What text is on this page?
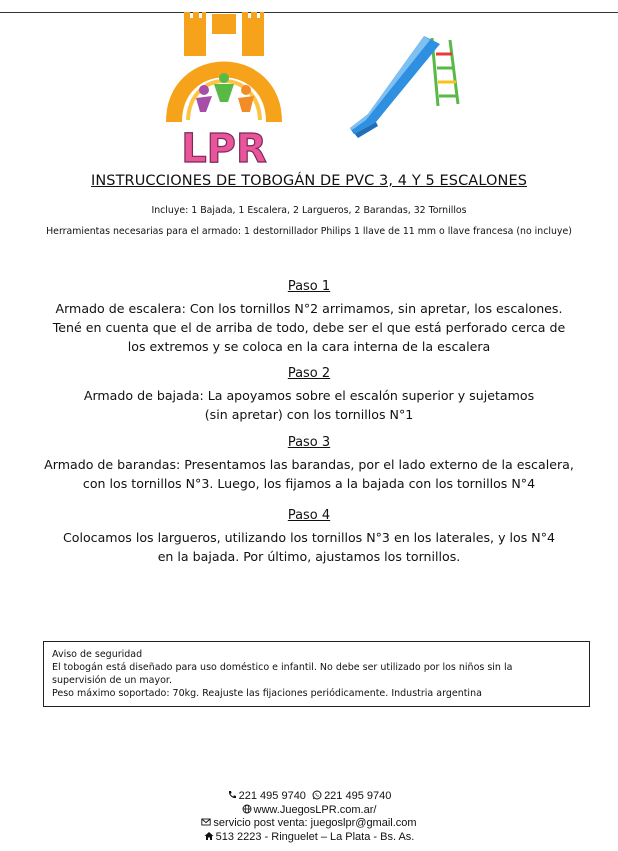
LPR
INSTRUCCIONES DE TOBOGÁN DE PVC 3, 4 Y 5 ESCALONES
Incluye: 1 Bajada, 1 Escalera, 2 Largueros, 2 Barandas, 32 Tornillos
Herramientas necesarias para el armado: 1 destornillador Philips 1 llave de 11 mm o llave francesa (no incluye)
Paso 1
Armado de escalera: Con los tornillos N°2 arrimamos, sin apretar, los escalones.
Tené en cuenta que el de arriba de todo, debe ser el que está perforado cerca de
los extremos y se coloca en la cara interna de la escalera
Paso 2
Armado de bajada: La apoyamos sobre el escalón superior y sujetamos
(sin apretar) con los tornillos N°1
Paso 3
Armado de barandas: Presentamos las barandas, por el lado externo de la escalera,
con los tornillos N°3. Luego, los fijamos a la bajada con los tornillos N°4
Paso 4
Colocamos los largueros, utilizando los tornillos N°3 en los laterales, y los N°4
en la bajada. Por último, ajustamos los tornillos.
Aviso de seguridad
El tobogán está diseñado para uso doméstico e infantil. No debe ser utilizado por los niños sin la
supervisión de un mayor.
Peso máximo soportado: 70kg. Reajuste las fijaciones periódicamente. Industria argentina
221 495 9740 221 495 9740
www.JuegosLPR.com.ar/
servicio post venta: juegoslpr@gmail.com
513 2223 - Ringuelet – La Plata - Bs. As.
